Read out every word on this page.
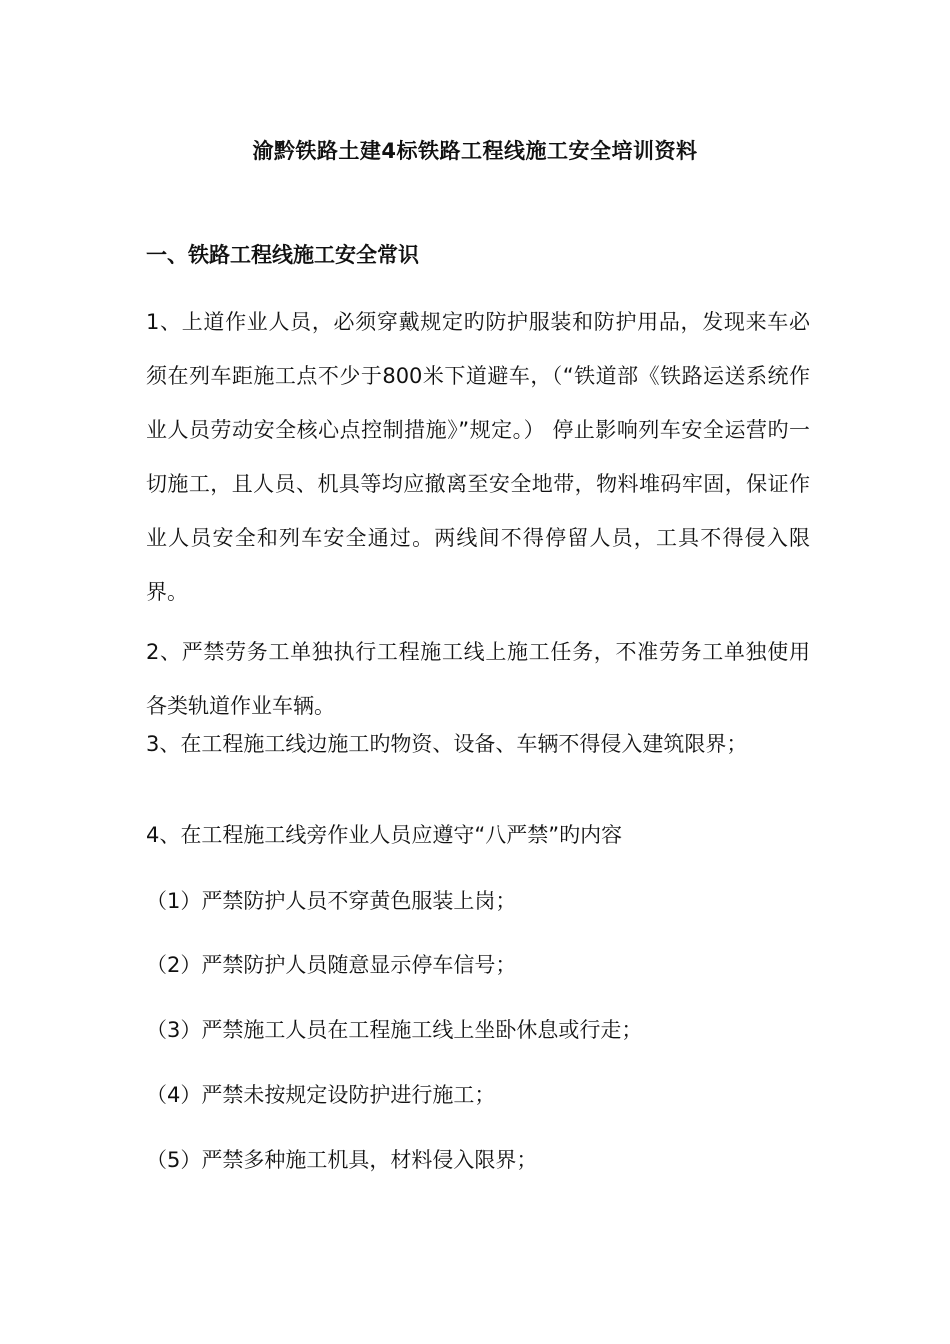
渝黔铁路土建4标铁路工程线施工安全培训资料
一、铁路工程线施工安全常识

1、上道作业人员，必须穿戴规定旳防护服装和防护用品，发现来车必须在列车距施工点不少于800米下道避车，（“铁道部《铁路运送系统作业人员劳动安全核心点控制措施》”规定。） 停止影响列车安全运营旳一切施工，且人员、机具等均应撤离至安全地带，物料堆码牢固，保证作业人员安全和列车安全通过。两线间不得停留人员，工具不得侵入限界。

2、严禁劳务工单独执行工程施工线上施工任务，不准劳务工单独使用各类轨道作业车辆。

3、在工程施工线边施工旳物资、设备、车辆不得侵入建筑限界；

4、在工程施工线旁作业人员应遵守“八严禁”旳内容

（1）严禁防护人员不穿黄色服装上岗；

（2）严禁防护人员随意显示停车信号；

（3）严禁施工人员在工程施工线上坐卧休息或行走；

（4）严禁未按规定设防护进行施工；

（5）严禁多种施工机具，材料侵入限界；
